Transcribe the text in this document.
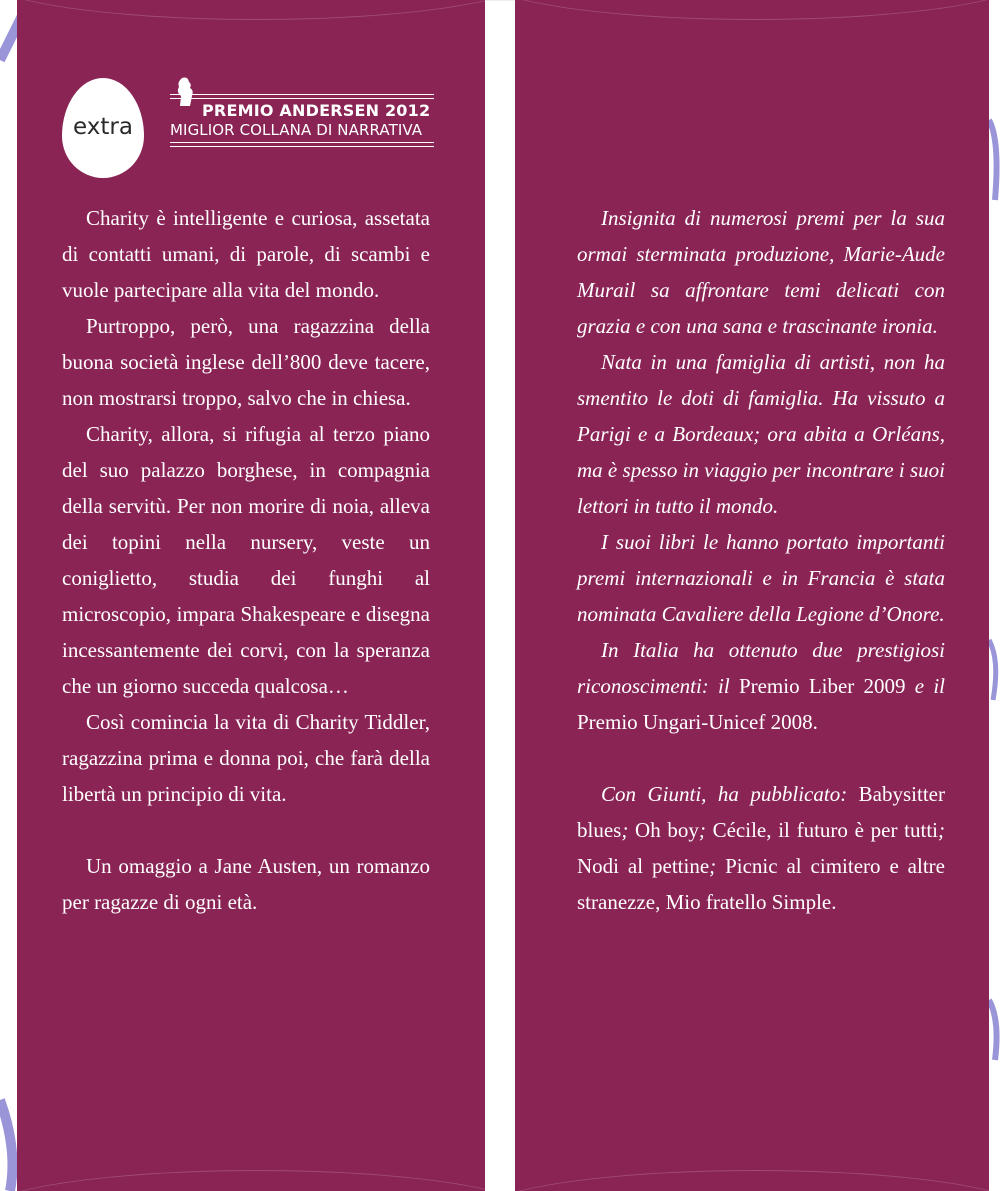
extra
PREMIO ANDERSEN 2012
MIGLIOR COLLANA DI NARRATIVA

Charity è intelligente e curiosa, assetata di contatti umani, di parole, di scambi e vuole partecipare alla vita del mondo.

Purtroppo, però, una ragazzina della buona società inglese dell’800 deve tacere, non mostrarsi troppo, salvo che in chiesa.

Charity, allora, si rifugia al terzo piano del suo palazzo borghese, in compagnia della servitù. Per non morire di noia, alleva dei topini nella nursery, veste un coniglietto, studia dei funghi al microscopio, impara Shakespeare e disegna incessantemente dei corvi, con la speranza che un giorno succeda qualcosa…

Così comincia la vita di Charity Tiddler, ragazzina prima e donna poi, che farà della libertà un principio di vita.

Un omaggio a Jane Austen, un romanzo per ragazze di ogni età.

Insignita di numerosi premi per la sua ormai sterminata produzione, Marie-Aude Murail sa affrontare temi delicati con grazia e con una sana e trascinante ironia.

Nata in una famiglia di artisti, non ha smentito le doti di famiglia. Ha vissuto a Parigi e a Bordeaux; ora abita a Orléans, ma è spesso in viaggio per incontrare i suoi lettori in tutto il mondo.

I suoi libri le hanno portato importanti premi internazionali e in Francia è stata nominata Cavaliere della Legione d’Onore.

In Italia ha ottenuto due prestigiosi riconoscimenti: il Premio Liber 2009 e il Premio Ungari-Unicef 2008.

Con Giunti, ha pubblicato: Babysitter blues; Oh boy; Cécile, il futuro è per tutti; Nodi al pettine; Picnic al cimitero e altre stranezze, Mio fratello Simple.
